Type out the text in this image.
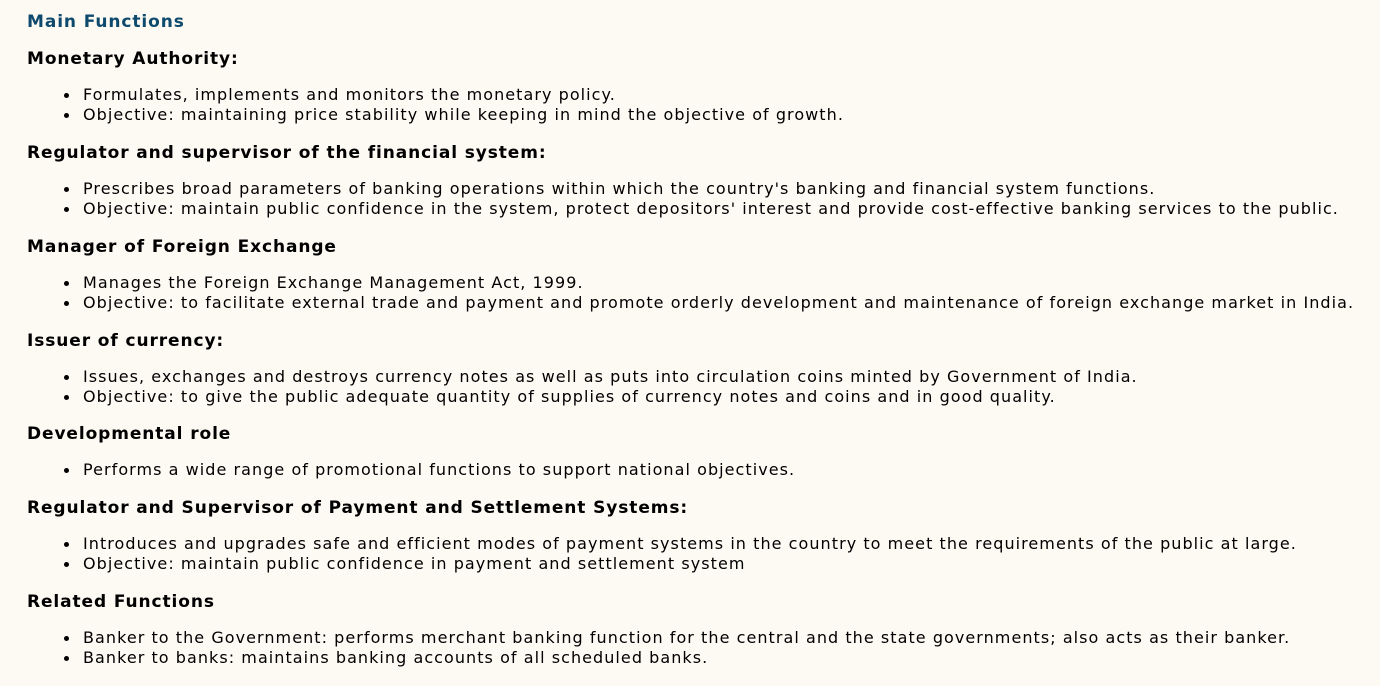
Main Functions
Monetary Authority:
Formulates, implements and monitors the monetary policy.
Objective: maintaining price stability while keeping in mind the objective of growth.
Regulator and supervisor of the financial system:
Prescribes broad parameters of banking operations within which the country's banking and financial system functions.
Objective: maintain public confidence in the system, protect depositors' interest and provide cost-effective banking services to the public.
Manager of Foreign Exchange
Manages the Foreign Exchange Management Act, 1999.
Objective: to facilitate external trade and payment and promote orderly development and maintenance of foreign exchange market in India.
Issuer of currency:
Issues, exchanges and destroys currency notes as well as puts into circulation coins minted by Government of India.
Objective: to give the public adequate quantity of supplies of currency notes and coins and in good quality.
Developmental role
Performs a wide range of promotional functions to support national objectives.
Regulator and Supervisor of Payment and Settlement Systems:
Introduces and upgrades safe and efficient modes of payment systems in the country to meet the requirements of the public at large.
Objective: maintain public confidence in payment and settlement system
Related Functions
Banker to the Government: performs merchant banking function for the central and the state governments; also acts as their banker.
Banker to banks: maintains banking accounts of all scheduled banks.
